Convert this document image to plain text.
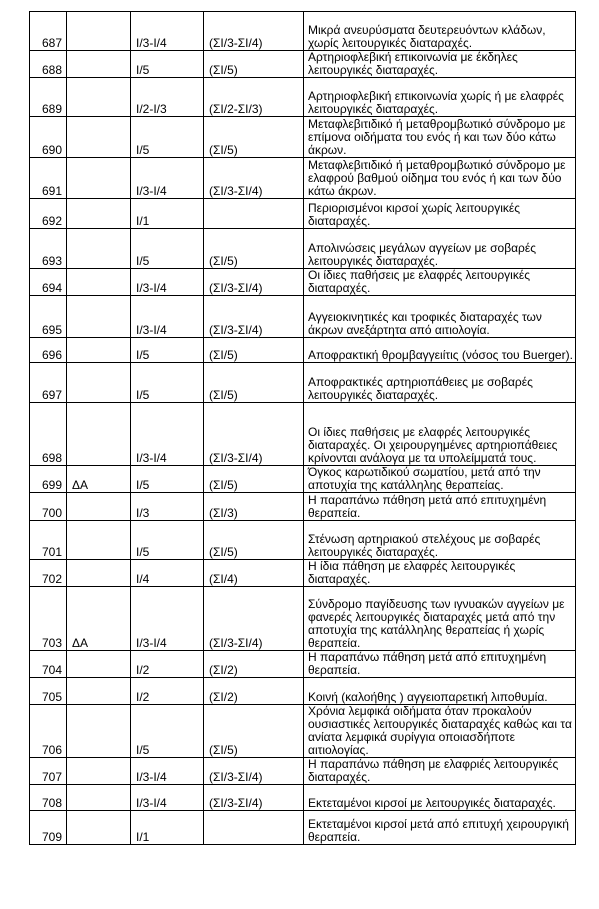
687		I/3-I/4	(ΣΙ/3-ΣΙ/4)	Μικρά ανευρύσματα δευτερευόντων κλάδων, χωρίς λειτουργικές διαταραχές.
688		I/5	(ΣΙ/5)	Αρτηριοφλεβική επικοινωνία με έκδηλες λειτουργικές διαταραχές.
689		I/2-I/3	(ΣΙ/2-ΣΙ/3)	Αρτηριοφλεβική επικοινωνία χωρίς ή με ελαφρές λειτουργικές διαταραχές.
690		I/5	(ΣΙ/5)	Μεταφλεβιτιδικό ή μεταθρομβωτικό σύνδρομο με επίμονα οιδήματα του ενός ή και των δύο κάτω άκρων.
691		I/3-I/4	(ΣΙ/3-ΣΙ/4)	Μεταφλεβιτιδικό ή μεταθρομβωτικό σύνδρομο με ελαφρού βαθμού οίδημα του ενός ή και των δύο κάτω άκρων.
692		I/1		Περιορισμένοι κιρσοί χωρίς λειτουργικές διαταραχές.
693		I/5	(ΣΙ/5)	Απολινώσεις μεγάλων αγγείων με σοβαρές λειτουργικές διαταραχές.
694		I/3-I/4	(ΣΙ/3-ΣΙ/4)	Οι ίδιες παθήσεις με ελαφρές λειτουργικές διαταραχές.
695		I/3-I/4	(ΣΙ/3-ΣΙ/4)	Αγγειοκινητικές και τροφικές διαταραχές των άκρων ανεξάρτητα από αιτιολογία.
696		I/5	(ΣΙ/5)	Αποφρακτική θρομβαγγειίτις (νόσος του Buerger).
697		I/5	(ΣΙ/5)	Αποφρακτικές αρτηριοπάθειες με σοβαρές λειτουργικές διαταραχές.
698		I/3-I/4	(ΣΙ/3-ΣΙ/4)	Οι ίδιες παθήσεις με ελαφρές λειτουργικές διαταραχές. Οι χειρουργημένες αρτηριοπάθειες κρίνονται ανάλογα με τα υπολείμματά τους.
699	ΔΑ	I/5	(ΣΙ/5)	Όγκος καρωτιδικού σωματίου, μετά από την αποτυχία της κατάλληλης θεραπείας.
700		I/3	(ΣΙ/3)	Η παραπάνω πάθηση μετά από επιτυχημένη θεραπεία.
701		I/5	(ΣΙ/5)	Στένωση αρτηριακού στελέχους με σοβαρές λειτουργικές διαταραχές.
702		I/4	(ΣΙ/4)	Η ίδια πάθηση με ελαφρές λειτουργικές διαταραχές.
703	ΔΑ	I/3-I/4	(ΣΙ/3-ΣΙ/4)	Σύνδρομο παγίδευσης των ιγνυακών αγγείων με φανερές λειτουργικές διαταραχές μετά από την αποτυχία της κατάλληλης θεραπείας ή χωρίς θεραπεία.
704		I/2	(ΣΙ/2)	Η παραπάνω πάθηση μετά από επιτυχημένη θεραπεία.
705		I/2	(ΣΙ/2)	Κοινή (καλοήθης ) αγγειοπαρετική λιποθυμία.
706		I/5	(ΣΙ/5)	Χρόνια λεμφικά οιδήματα όταν προκαλούν ουσιαστικές λειτουργικές διαταραχές καθώς και τα ανίατα λεμφικά συρίγγια οποιασδήποτε αιτιολογίας.
707		I/3-I/4	(ΣΙ/3-ΣΙ/4)	Η παραπάνω πάθηση με ελαφριές λειτουργικές διαταραχές.
708		I/3-I/4	(ΣΙ/3-ΣΙ/4)	Εκτεταμένοι κιρσοί με λειτουργικές διαταραχές.
709		I/1		Εκτεταμένοι κιρσοί μετά από επιτυχή χειρουργική θεραπεία.
